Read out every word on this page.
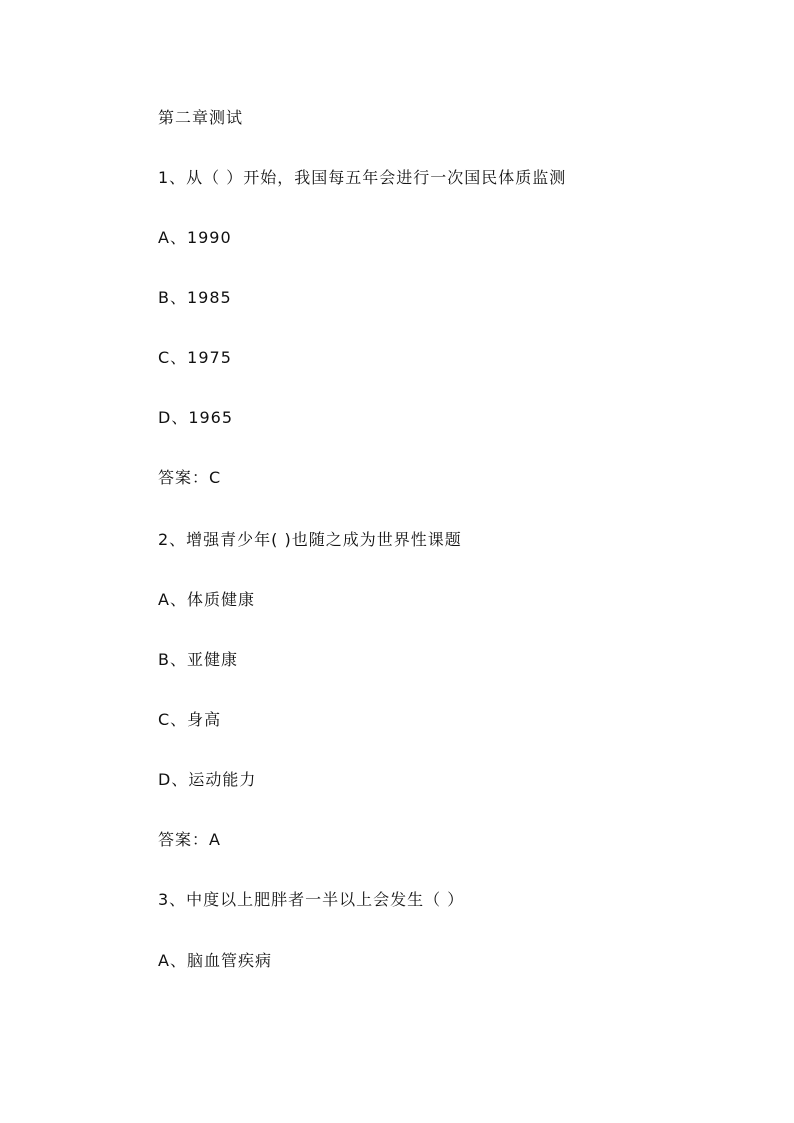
第二章测试
1、从（ ）开始，我国每五年会进行一次国民体质监测
A、1990
B、1985
C、1975
D、1965
答案：C
2、增强青少年( )也随之成为世界性课题
A、体质健康
B、亚健康
C、身高
D、运动能力
答案：A
3、中度以上肥胖者一半以上会发生（ ）
A、脑血管疾病
